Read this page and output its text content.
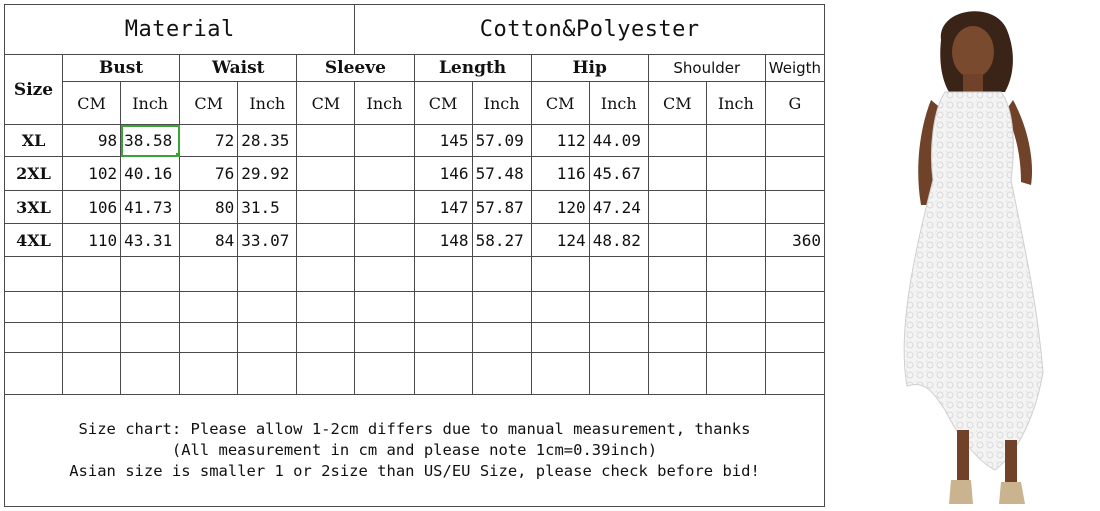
Material						Cotton&Polyester							
Size	Bust		Waist		Sleeve		Length		Hip		Shoulder		Weigth
	CM	Inch	CM	Inch	CM	Inch	CM	Inch	CM	Inch	CM	Inch	G
XL	98	38.58	72	28.35			145	57.09	112	44.09			
2XL	102	40.16	76	29.92			146	57.48	116	45.67			
3XL	106	41.73	80	31.5			147	57.87	120	47.24			
4XL	110	43.31	84	33.07			148	58.27	124	48.82			360

Size chart: Please allow 1-2cm differs due to manual measurement, thanks
(All measurement in cm and please note 1cm=0.39inch)
Asian size is smaller 1 or 2size than US/EU Size, please check before bid!													
